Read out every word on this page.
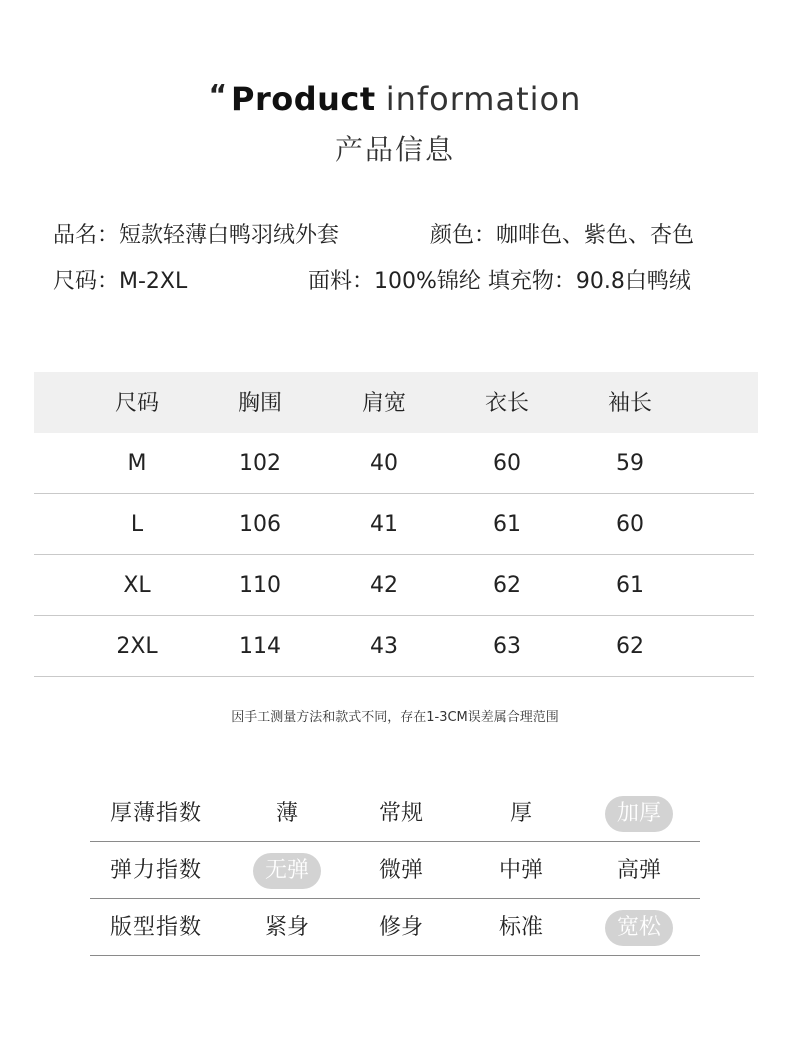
“ Product information
产品信息
品名：短款轻薄白鸭羽绒外套	颜色：咖啡色、紫色、杏色
尺码：M-2XL	面料：100%锦纶 填充物：90.8白鸭绒
尺码	胸围	肩宽	衣长	袖长
M	102	40	60	59
L	106	41	61	60
XL	110	42	62	61
2XL	114	43	63	62
因手工测量方法和款式不同，存在1-3CM误差属合理范围
厚薄指数	薄	常规	厚	加厚
弹力指数	无弹	微弹	中弹	高弹
版型指数	紧身	修身	标准	宽松
